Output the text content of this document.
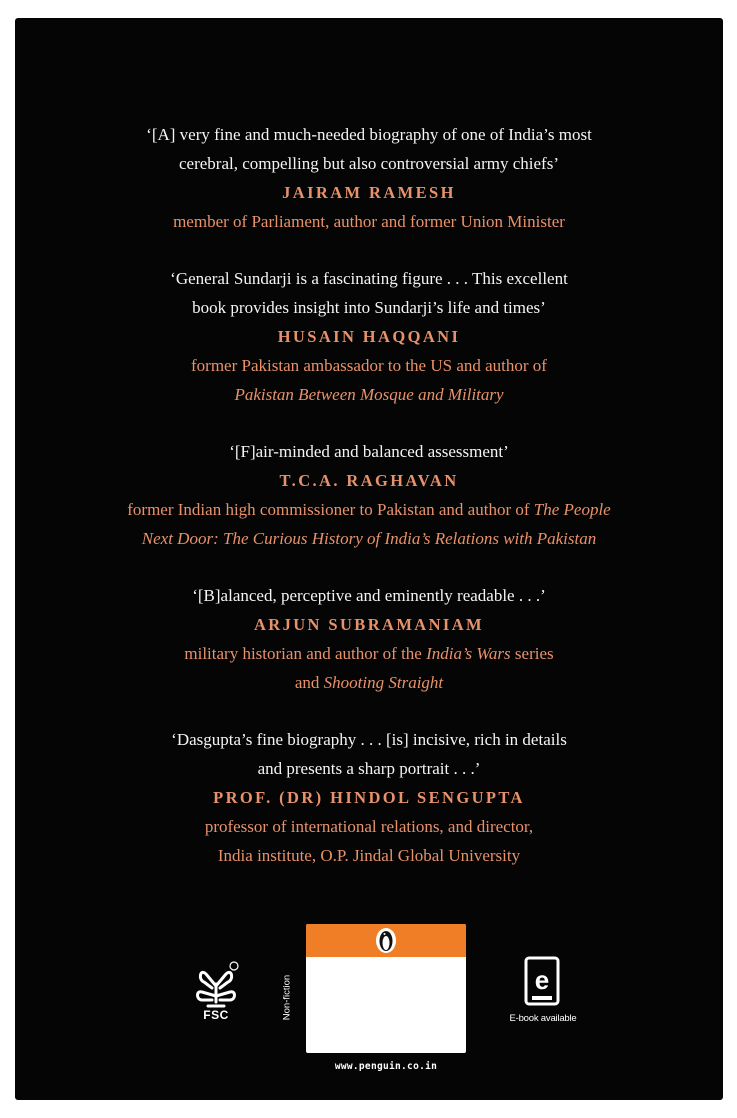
‘[A] very fine and much-needed biography of one of India’s most

cerebral, compelling but also controversial army chiefs’

JAIRAM RAMESH

member of Parliament, author and former Union Minister

‘General Sundarji is a fascinating figure . . . This excellent

book provides insight into Sundarji’s life and times’

HUSAIN HAQQANI

former Pakistan ambassador to the US and author of

Pakistan Between Mosque and Military

‘[F]air-minded and balanced assessment’

T.C.A. RAGHAVAN

former Indian high commissioner to Pakistan and author of The People

Next Door: The Curious History of India’s Relations with Pakistan

‘[B]alanced, perceptive and eminently readable . . .’

ARJUN SUBRAMANIAM

military historian and author of the India’s Wars series

and Shooting Straight

‘Dasgupta’s fine biography . . . [is] incisive, rich in details

and presents a sharp portrait . . .’

PROF. (DR) HINDOL SENGUPTA

professor of international relations, and director,

India institute, O.P. Jindal Global University

FSC	Non-fiction
www.penguin.co.in
e
E-book available
